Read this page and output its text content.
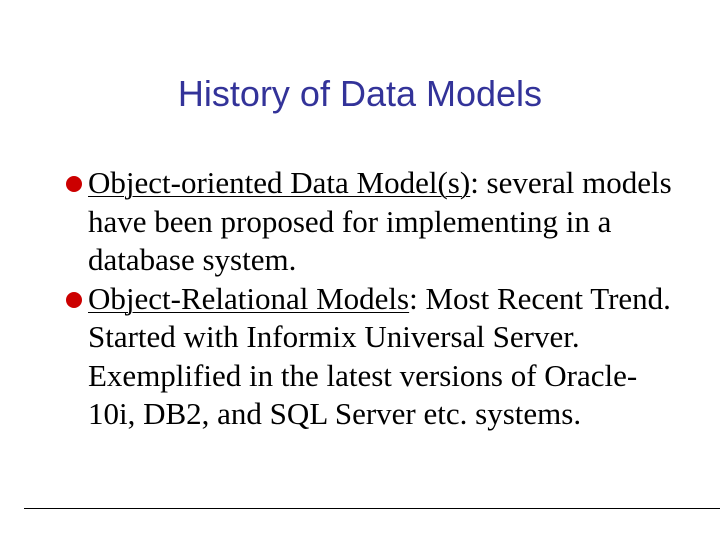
History of Data Models
Object-oriented Data Model(s): several models have been proposed for implementing in a database system.
Object-Relational Models: Most Recent Trend. Started with Informix Universal Server. Exemplified in the latest versions of Oracle-10i, DB2, and SQL Server etc. systems.
